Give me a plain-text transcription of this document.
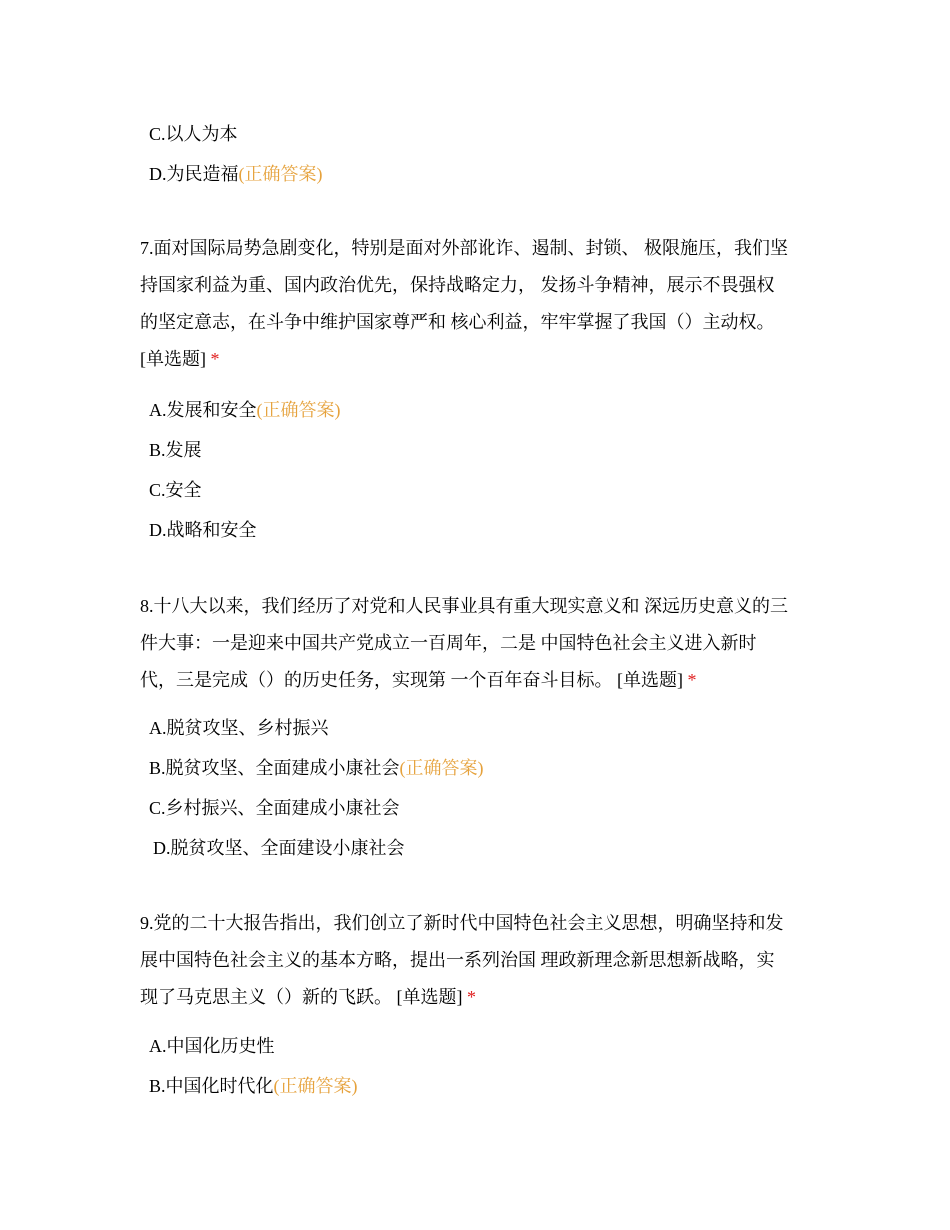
C.以人为本
D.为民造福(正确答案)
7.面对国际局势急剧变化，特别是面对外部讹诈、遏制、封锁、 极限施压，我们坚
持国家利益为重、国内政治优先，保持战略定力， 发扬斗争精神，展示不畏强权
的坚定意志，在斗争中维护国家尊严和 核心利益，牢牢掌握了我国（）主动权。
[单选题] *
A.发展和安全(正确答案)
B.发展
C.安全
D.战略和安全
8.十八大以来，我们经历了对党和人民事业具有重大现实意义和 深远历史意义的三
件大事：一是迎来中国共产党成立一百周年，二是 中国特色社会主义进入新时
代，三是完成（）的历史任务，实现第 一个百年奋斗目标。 [单选题] *
A.脱贫攻坚、乡村振兴
B.脱贫攻坚、全面建成小康社会(正确答案)
C.乡村振兴、全面建成小康社会
D.脱贫攻坚、全面建设小康社会
9.党的二十大报告指出，我们创立了新时代中国特色社会主义思想，明确坚持和发
展中国特色社会主义的基本方略，提出一系列治国 理政新理念新思想新战略，实
现了马克思主义（）新的飞跃。 [单选题] *
A.中国化历史性
B.中国化时代化(正确答案)
